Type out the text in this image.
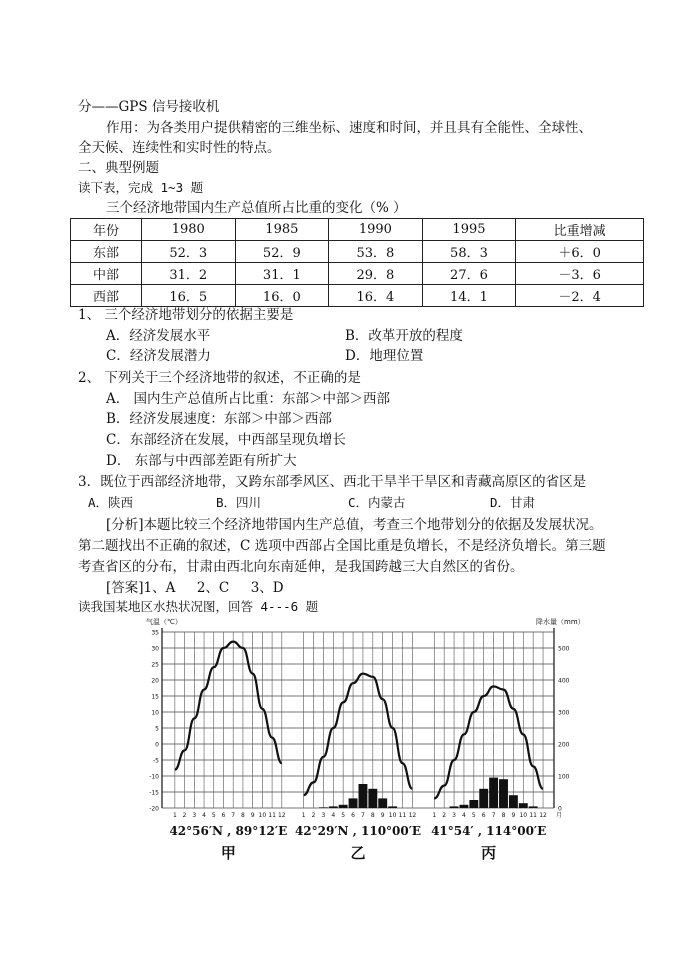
分——GPS 信号接收机
作用：为各类用户提供精密的三维坐标、速度和时间，并且具有全能性、全球性、
全天候、连续性和实时性的特点。
二、典型例题
读下表，完成 1~3 题
三个经济地带国内生产总值所占比重的变化（% ）
年份	1980	1985	1990	1995	比重增减
东部	52．3	52．9	53．8	58．3	＋6．0
中部	31．2	31．1	29．8	27．6	－3．6
西部	16．5	16．0	16．4	14．1	－2．4
1、 三个经济地带划分的依据主要是
A．经济发展水平	B．改革开放的程度
C．经济发展潜力	D．地理位置
2、 下列关于三个经济地带的叙述，不正确的是
A． 国内生产总值所占比重：东部＞中部＞西部
B．经济发展速度：东部＞中部＞西部
C．东部经济在发展，中西部呈现负增长
D． 东部与中西部差距有所扩大
3．既位于西部经济地带，又跨东部季风区、西北干旱半干旱区和青藏高原区的省区是
A．陕西	B．四川	C．内蒙古	D．甘肃
[分析]本题比较三个经济地带国内生产总值，考查三个地带划分的依据及发展状况。
第二题找出不正确的叙述，C 选项中西部占全国比重是负增长，不是经济负增长。第三题
考查省区的分布，甘肃由西北向东南延伸，是我国跨越三大自然区的省份。
[答案]1、A     2、C     3、D
读我国某地区水热状况图，回答 4---6 题
35
30
25
20
15
10
5
0
-5
-10
-15
-20
500
400
300
200
100
0
气温（℃）	降水量（mm）
1 2 3 4 5 6 7 8 9 10 11 12
42°56′N , 89°12′E
甲
1 2 3 4 5 6 7 8 9 10 11 12
42°29′N , 110°00′E
乙
1 2 3 4 5 6 7 8 9 10 11 12
41°54′ , 114°00′E
丙
月
